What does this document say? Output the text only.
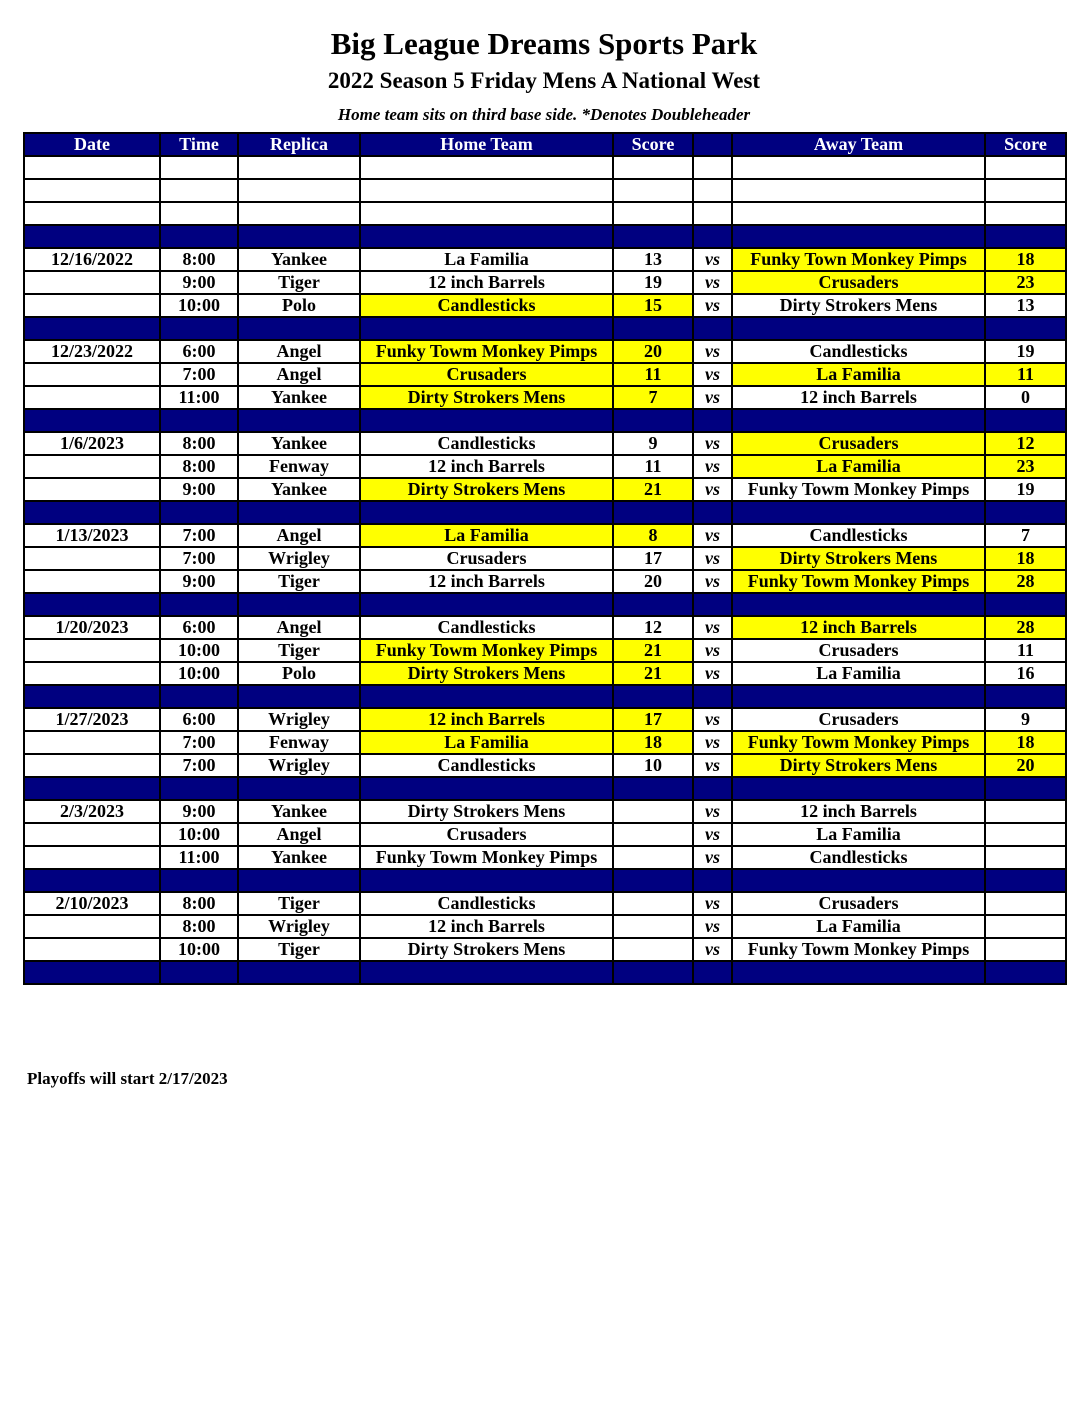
Big League Dreams Sports Park
2022 Season 5 Friday Mens A National West
Home team sits on third base side. *Denotes Doubleheader
Date	Time	Replica	Home Team	Score		Away Team	Score

12/16/2022	8:00	Yankee	La Familia	13	vs	Funky Town Monkey Pimps	18
	9:00	Tiger	12 inch Barrels	19	vs	Crusaders	23
	10:00	Polo	Candlesticks	15	vs	Dirty Strokers Mens	13

12/23/2022	6:00	Angel	Funky Towm Monkey Pimps	20	vs	Candlesticks	19
	7:00	Angel	Crusaders	11	vs	La Familia	11
	11:00	Yankee	Dirty Strokers Mens	7	vs	12 inch Barrels	0

1/6/2023	8:00	Yankee	Candlesticks	9	vs	Crusaders	12
	8:00	Fenway	12 inch Barrels	11	vs	La Familia	23
	9:00	Yankee	Dirty Strokers Mens	21	vs	Funky Towm Monkey Pimps	19

1/13/2023	7:00	Angel	La Familia	8	vs	Candlesticks	7
	7:00	Wrigley	Crusaders	17	vs	Dirty Strokers Mens	18
	9:00	Tiger	12 inch Barrels	20	vs	Funky Towm Monkey Pimps	28

1/20/2023	6:00	Angel	Candlesticks	12	vs	12 inch Barrels	28
	10:00	Tiger	Funky Towm Monkey Pimps	21	vs	Crusaders	11
	10:00	Polo	Dirty Strokers Mens	21	vs	La Familia	16

1/27/2023	6:00	Wrigley	12 inch Barrels	17	vs	Crusaders	9
	7:00	Fenway	La Familia	18	vs	Funky Towm Monkey Pimps	18
	7:00	Wrigley	Candlesticks	10	vs	Dirty Strokers Mens	20

2/3/2023	9:00	Yankee	Dirty Strokers Mens		vs	12 inch Barrels	
	10:00	Angel	Crusaders		vs	La Familia	
	11:00	Yankee	Funky Towm Monkey Pimps		vs	Candlesticks	

2/10/2023	8:00	Tiger	Candlesticks		vs	Crusaders	
	8:00	Wrigley	12 inch Barrels		vs	La Familia	
	10:00	Tiger	Dirty Strokers Mens		vs	Funky Towm Monkey Pimps	

Playoffs will start 2/17/2023
